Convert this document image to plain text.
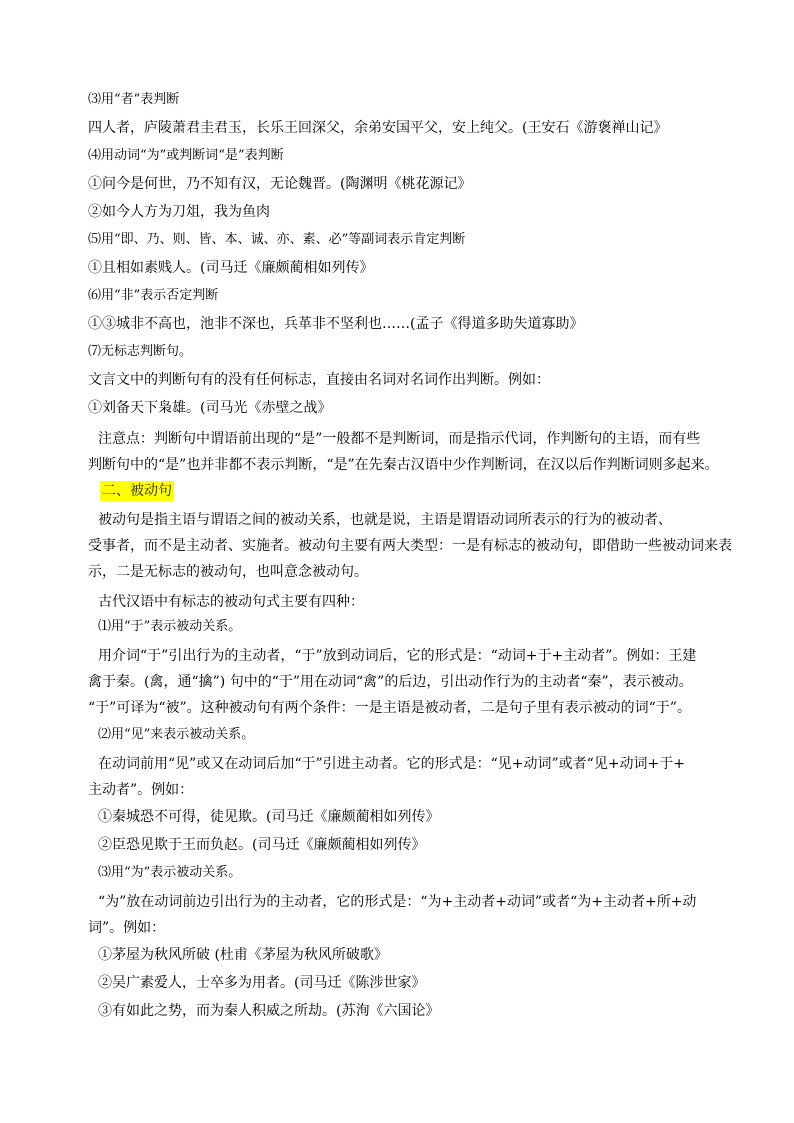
⑶用“者”表判断

四人者，庐陵萧君圭君玉，长乐王回深父，余弟安国平父，安上纯父。(王安石《游褒禅山记》

⑷用动词“为”或判断词“是”表判断

①问今是何世，乃不知有汉，无论魏晋。(陶渊明《桃花源记》

②如今人方为刀俎，我为鱼肉

⑸用“即、乃、则、皆、本、诚、亦、素、必”等副词表示肯定判断

①且相如素贱人。(司马迁《廉颇蔺相如列传》

⑹用“非”表示否定判断

①③城非不高也，池非不深也，兵革非不坚利也……(孟子《得道多助失道寡助》

⑺无标志判断句。

文言文中的判断句有的没有任何标志，直接由名词对名词作出判断。例如：

①刘备天下枭雄。(司马光《赤壁之战》

注意点：判断句中谓语前出现的“是”一般都不是判断词，而是指示代词，作判断句的主语，而有些

判断句中的“是”也并非都不表示判断，“是”在先秦古汉语中少作判断词，在汉以后作判断词则多起来。

二、被动句

被动句是指主语与谓语之间的被动关系，也就是说，主语是谓语动词所表示的行为的被动者、

受事者，而不是主动者、实施者。被动句主要有两大类型：一是有标志的被动句，即借助一些被动词来表

示，二是无标志的被动句，也叫意念被动句。

古代汉语中有标志的被动句式主要有四种：

⑴用“于”表示被动关系。

用介词“于”引出行为的主动者，“于”放到动词后，它的形式是：“动词+于+主动者”。例如：王建

禽于秦。(禽，通“擒”) 句中的“于”用在动词“禽”的后边，引出动作行为的主动者“秦”，表示被动。

“于”可译为“被”。这种被动句有两个条件：一是主语是被动者，二是句子里有表示被动的词“于”。

⑵用“见”来表示被动关系。

在动词前用“见”或又在动词后加“于”引进主动者。它的形式是：“见+动词”或者“见+动词+于+

主动者”。例如：

①秦城恐不可得，徒见欺。(司马迁《廉颇蔺相如列传》

②臣恐见欺于王而负赵。(司马迁《廉颇蔺相如列传》

⑶用“为”表示被动关系。

“为”放在动词前边引出行为的主动者，它的形式是：“为+主动者+动词”或者“为+主动者+所+动

词”。例如：

①茅屋为秋风所破 (杜甫《茅屋为秋风所破歌》

②吴广素爱人，士卒多为用者。(司马迁《陈涉世家》

③有如此之势，而为秦人积威之所劫。(苏洵《六国论》
